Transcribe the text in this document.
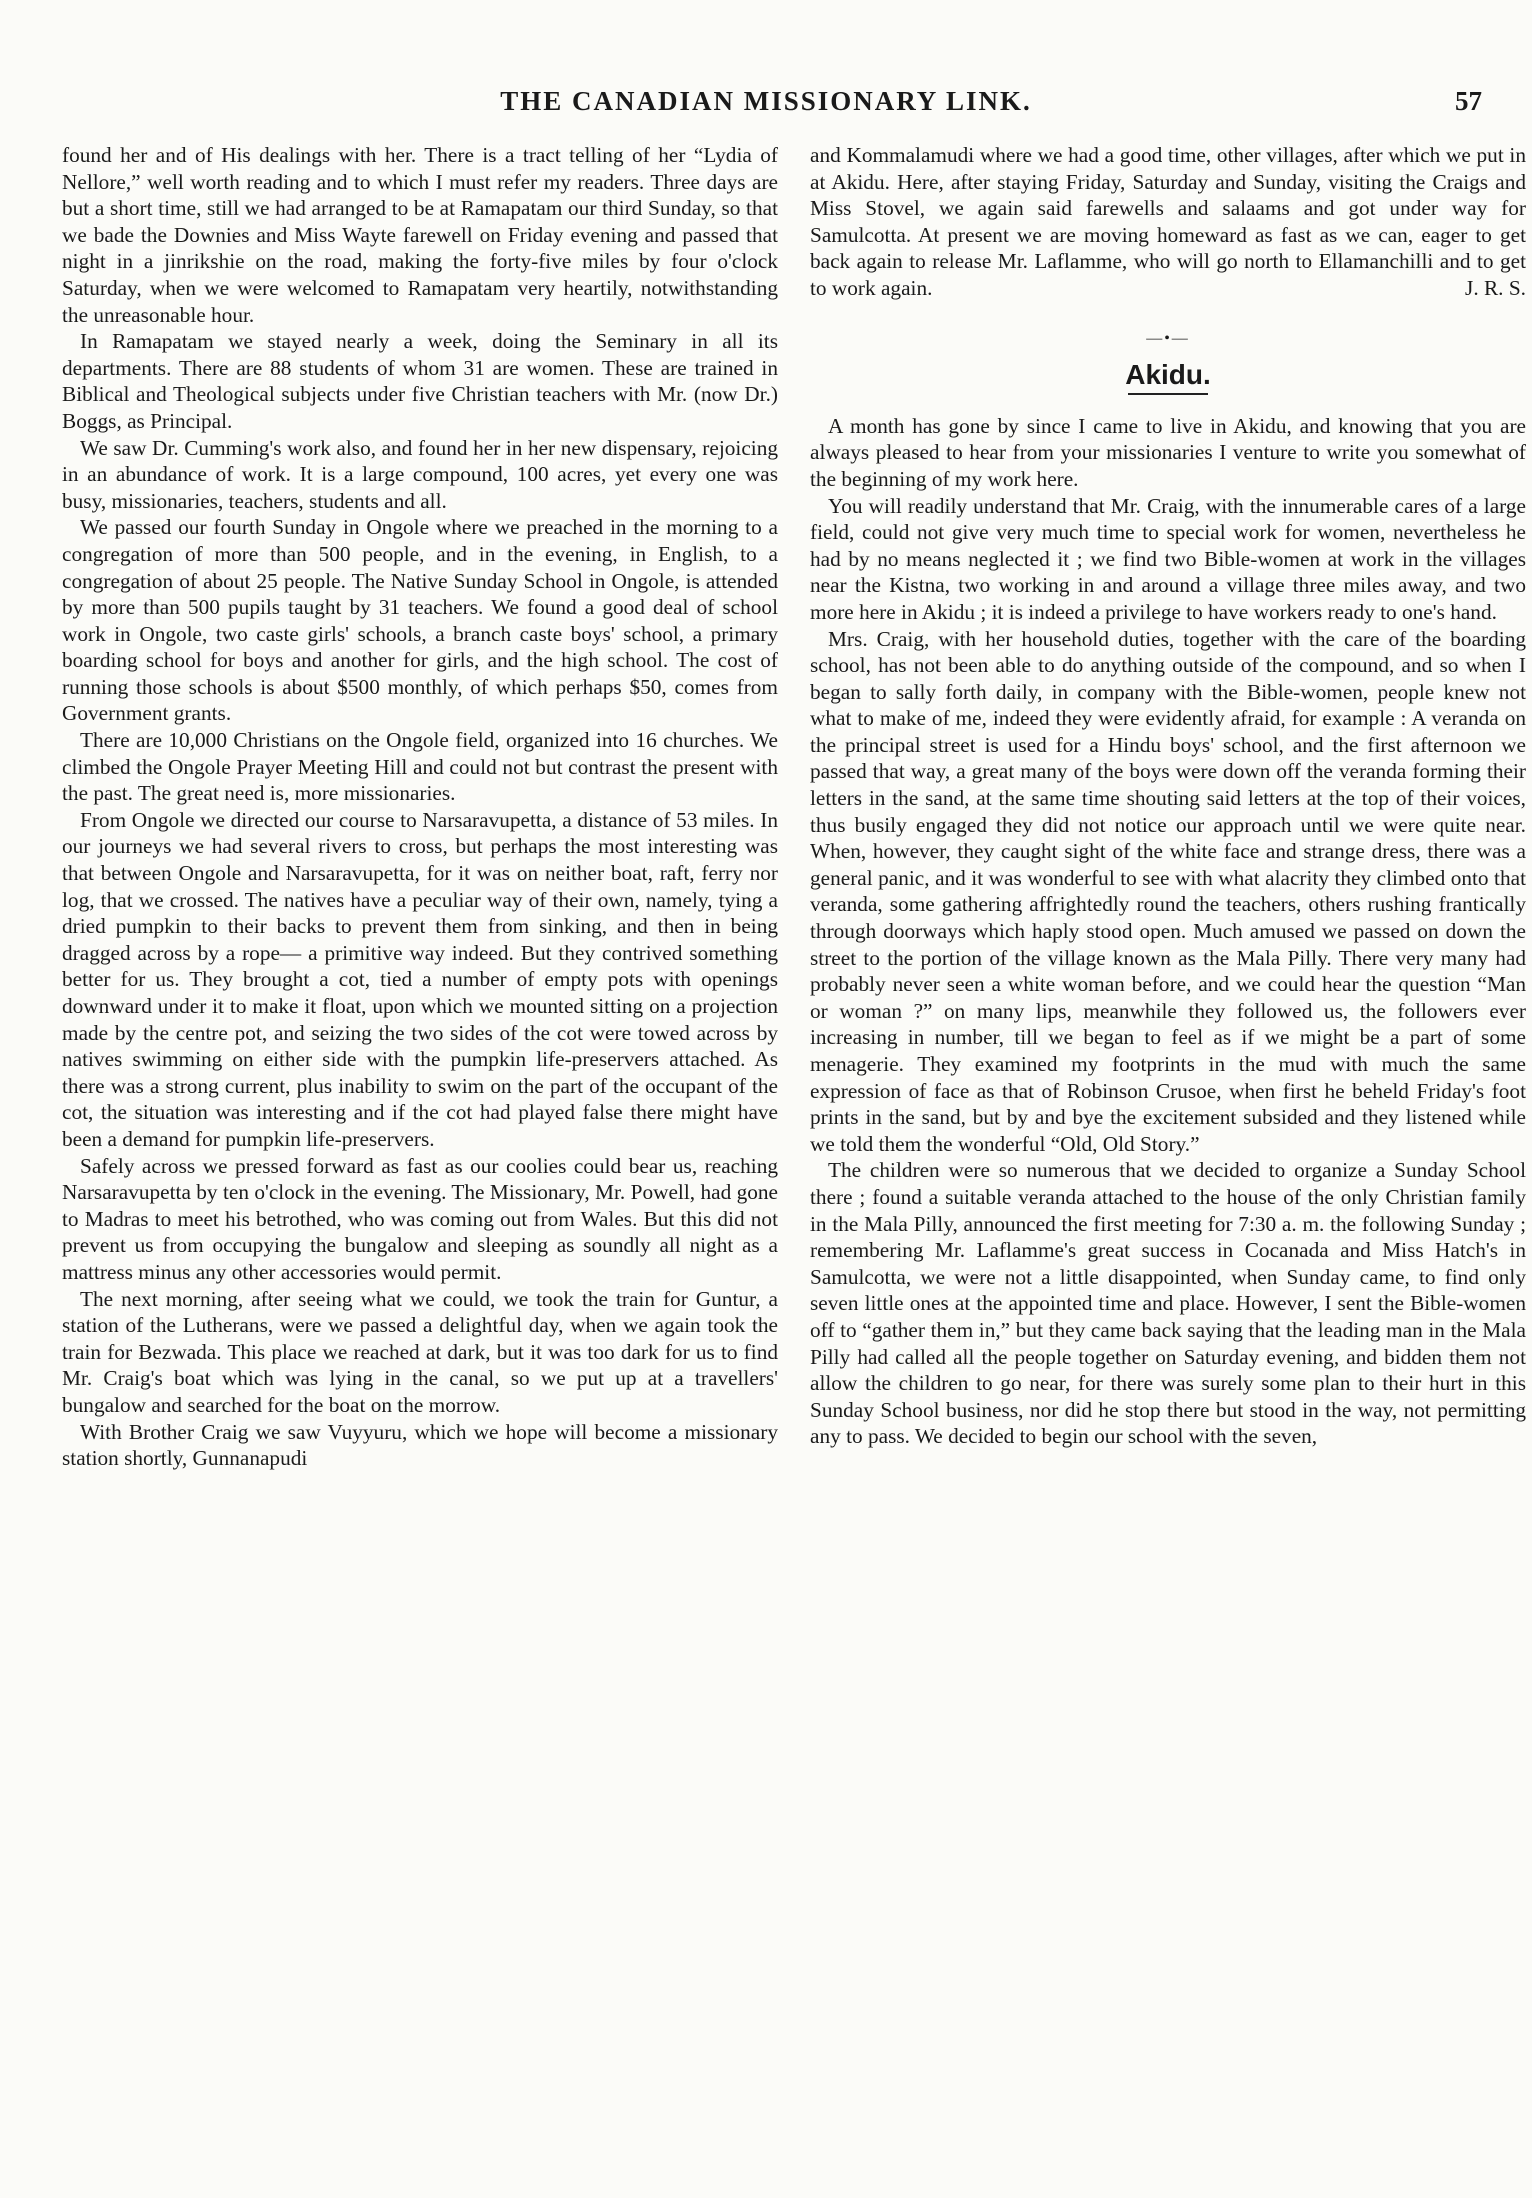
THE CANADIAN MISSIONARY LINK.	57

found her and of His dealings with her. There is a tract telling of her “Lydia of Nellore,” well worth reading and to which I must refer my readers. Three days are but a short time, still we had arranged to be at Ramapatam our third Sunday, so that we bade the Downies and Miss Wayte farewell on Friday evening and passed that night in a jinrikshie on the road, making the forty-five miles by four o'clock Saturday, when we were welcomed to Ramapatam very heartily, notwithstanding the unreasonable hour.

In Ramapatam we stayed nearly a week, doing the Seminary in all its departments. There are 88 students of whom 31 are women. These are trained in Biblical and Theological subjects under five Christian teachers with Mr. (now Dr.) Boggs, as Principal.

We saw Dr. Cumming's work also, and found her in her new dispensary, rejoicing in an abundance of work. It is a large compound, 100 acres, yet every one was busy, missionaries, teachers, students and all.

We passed our fourth Sunday in Ongole where we preached in the morning to a congregation of more than 500 people, and in the evening, in English, to a congregation of about 25 people. The Native Sunday School in Ongole, is attended by more than 500 pupils taught by 31 teachers. We found a good deal of school work in Ongole, two caste girls' schools, a branch caste boys' school, a primary boarding school for boys and another for girls, and the high school. The cost of running those schools is about $500 monthly, of which perhaps $50, comes from Government grants.

There are 10,000 Christians on the Ongole field, organized into 16 churches. We climbed the Ongole Prayer Meeting Hill and could not but contrast the present with the past. The great need is, more missionaries.

From Ongole we directed our course to Narsaravupetta, a distance of 53 miles. In our journeys we had several rivers to cross, but perhaps the most interesting was that between Ongole and Narsaravupetta, for it was on neither boat, raft, ferry nor log, that we crossed. The natives have a peculiar way of their own, namely, tying a dried pumpkin to their backs to prevent them from sinking, and then in being dragged across by a rope— a primitive way indeed. But they contrived something better for us. They brought a cot, tied a number of empty pots with openings downward under it to make it float, upon which we mounted sitting on a projection made by the centre pot, and seizing the two sides of the cot were towed across by natives swimming on either side with the pumpkin life-preservers attached. As there was a strong current, plus inability to swim on the part of the occupant of the cot, the situation was interesting and if the cot had played false there might have been a demand for pumpkin life-preservers.

Safely across we pressed forward as fast as our coolies could bear us, reaching Narsaravupetta by ten o'clock in the evening. The Missionary, Mr. Powell, had gone to Madras to meet his betrothed, who was coming out from Wales. But this did not prevent us from occupying the bungalow and sleeping as soundly all night as a mattress minus any other accessories would permit.

The next morning, after seeing what we could, we took the train for Guntur, a station of the Lutherans, were we passed a delightful day, when we again took the train for Bezwada. This place we reached at dark, but it was too dark for us to find Mr. Craig's boat which was lying in the canal, so we put up at a travellers' bungalow and searched for the boat on the morrow.

With Brother Craig we saw Vuyyuru, which we hope will become a missionary station shortly, Gunnanapudi

and Kommalamudi where we had a good time, other villages, after which we put in at Akidu. Here, after staying Friday, Saturday and Sunday, visiting the Craigs and Miss Stovel, we again said farewells and salaams and got under way for Samulcotta. At present we are moving homeward as fast as we can, eager to get back again to release Mr. Laflamme, who will go north to Ellamanchilli and to get to work again.	J. R. S.

—•—
Akidu.

A month has gone by since I came to live in Akidu, and knowing that you are always pleased to hear from your missionaries I venture to write you somewhat of the beginning of my work here.

You will readily understand that Mr. Craig, with the innumerable cares of a large field, could not give very much time to special work for women, nevertheless he had by no means neglected it ; we find two Bible-women at work in the villages near the Kistna, two working in and around a village three miles away, and two more here in Akidu ; it is indeed a privilege to have workers ready to one's hand.

Mrs. Craig, with her household duties, together with the care of the boarding school, has not been able to do anything outside of the compound, and so when I began to sally forth daily, in company with the Bible-women, people knew not what to make of me, indeed they were evidently afraid, for example : A veranda on the principal street is used for a Hindu boys' school, and the first afternoon we passed that way, a great many of the boys were down off the veranda forming their letters in the sand, at the same time shouting said letters at the top of their voices, thus busily engaged they did not notice our approach until we were quite near. When, however, they caught sight of the white face and strange dress, there was a general panic, and it was wonderful to see with what alacrity they climbed onto that veranda, some gathering affrightedly round the teachers, others rushing frantically through doorways which haply stood open. Much amused we passed on down the street to the portion of the village known as the Mala Pilly. There very many had probably never seen a white woman before, and we could hear the question “Man or woman ?” on many lips, meanwhile they followed us, the followers ever increasing in number, till we began to feel as if we might be a part of some menagerie. They examined my footprints in the mud with much the same expression of face as that of Robinson Crusoe, when first he beheld Friday's foot prints in the sand, but by and bye the excitement subsided and they listened while we told them the wonderful “Old, Old Story.”

The children were so numerous that we decided to organize a Sunday School there ; found a suitable veranda attached to the house of the only Christian family in the Mala Pilly, announced the first meeting for 7:30 a. m. the following Sunday ; remembering Mr. Laflamme's great success in Cocanada and Miss Hatch's in Samulcotta, we were not a little disappointed, when Sunday came, to find only seven little ones at the appointed time and place. However, I sent the Bible-women off to “gather them in,” but they came back saying that the leading man in the Mala Pilly had called all the people together on Saturday evening, and bidden them not allow the children to go near, for there was surely some plan to their hurt in this Sunday School business, nor did he stop there but stood in the way, not permitting any to pass. We decided to begin our school with the seven,
